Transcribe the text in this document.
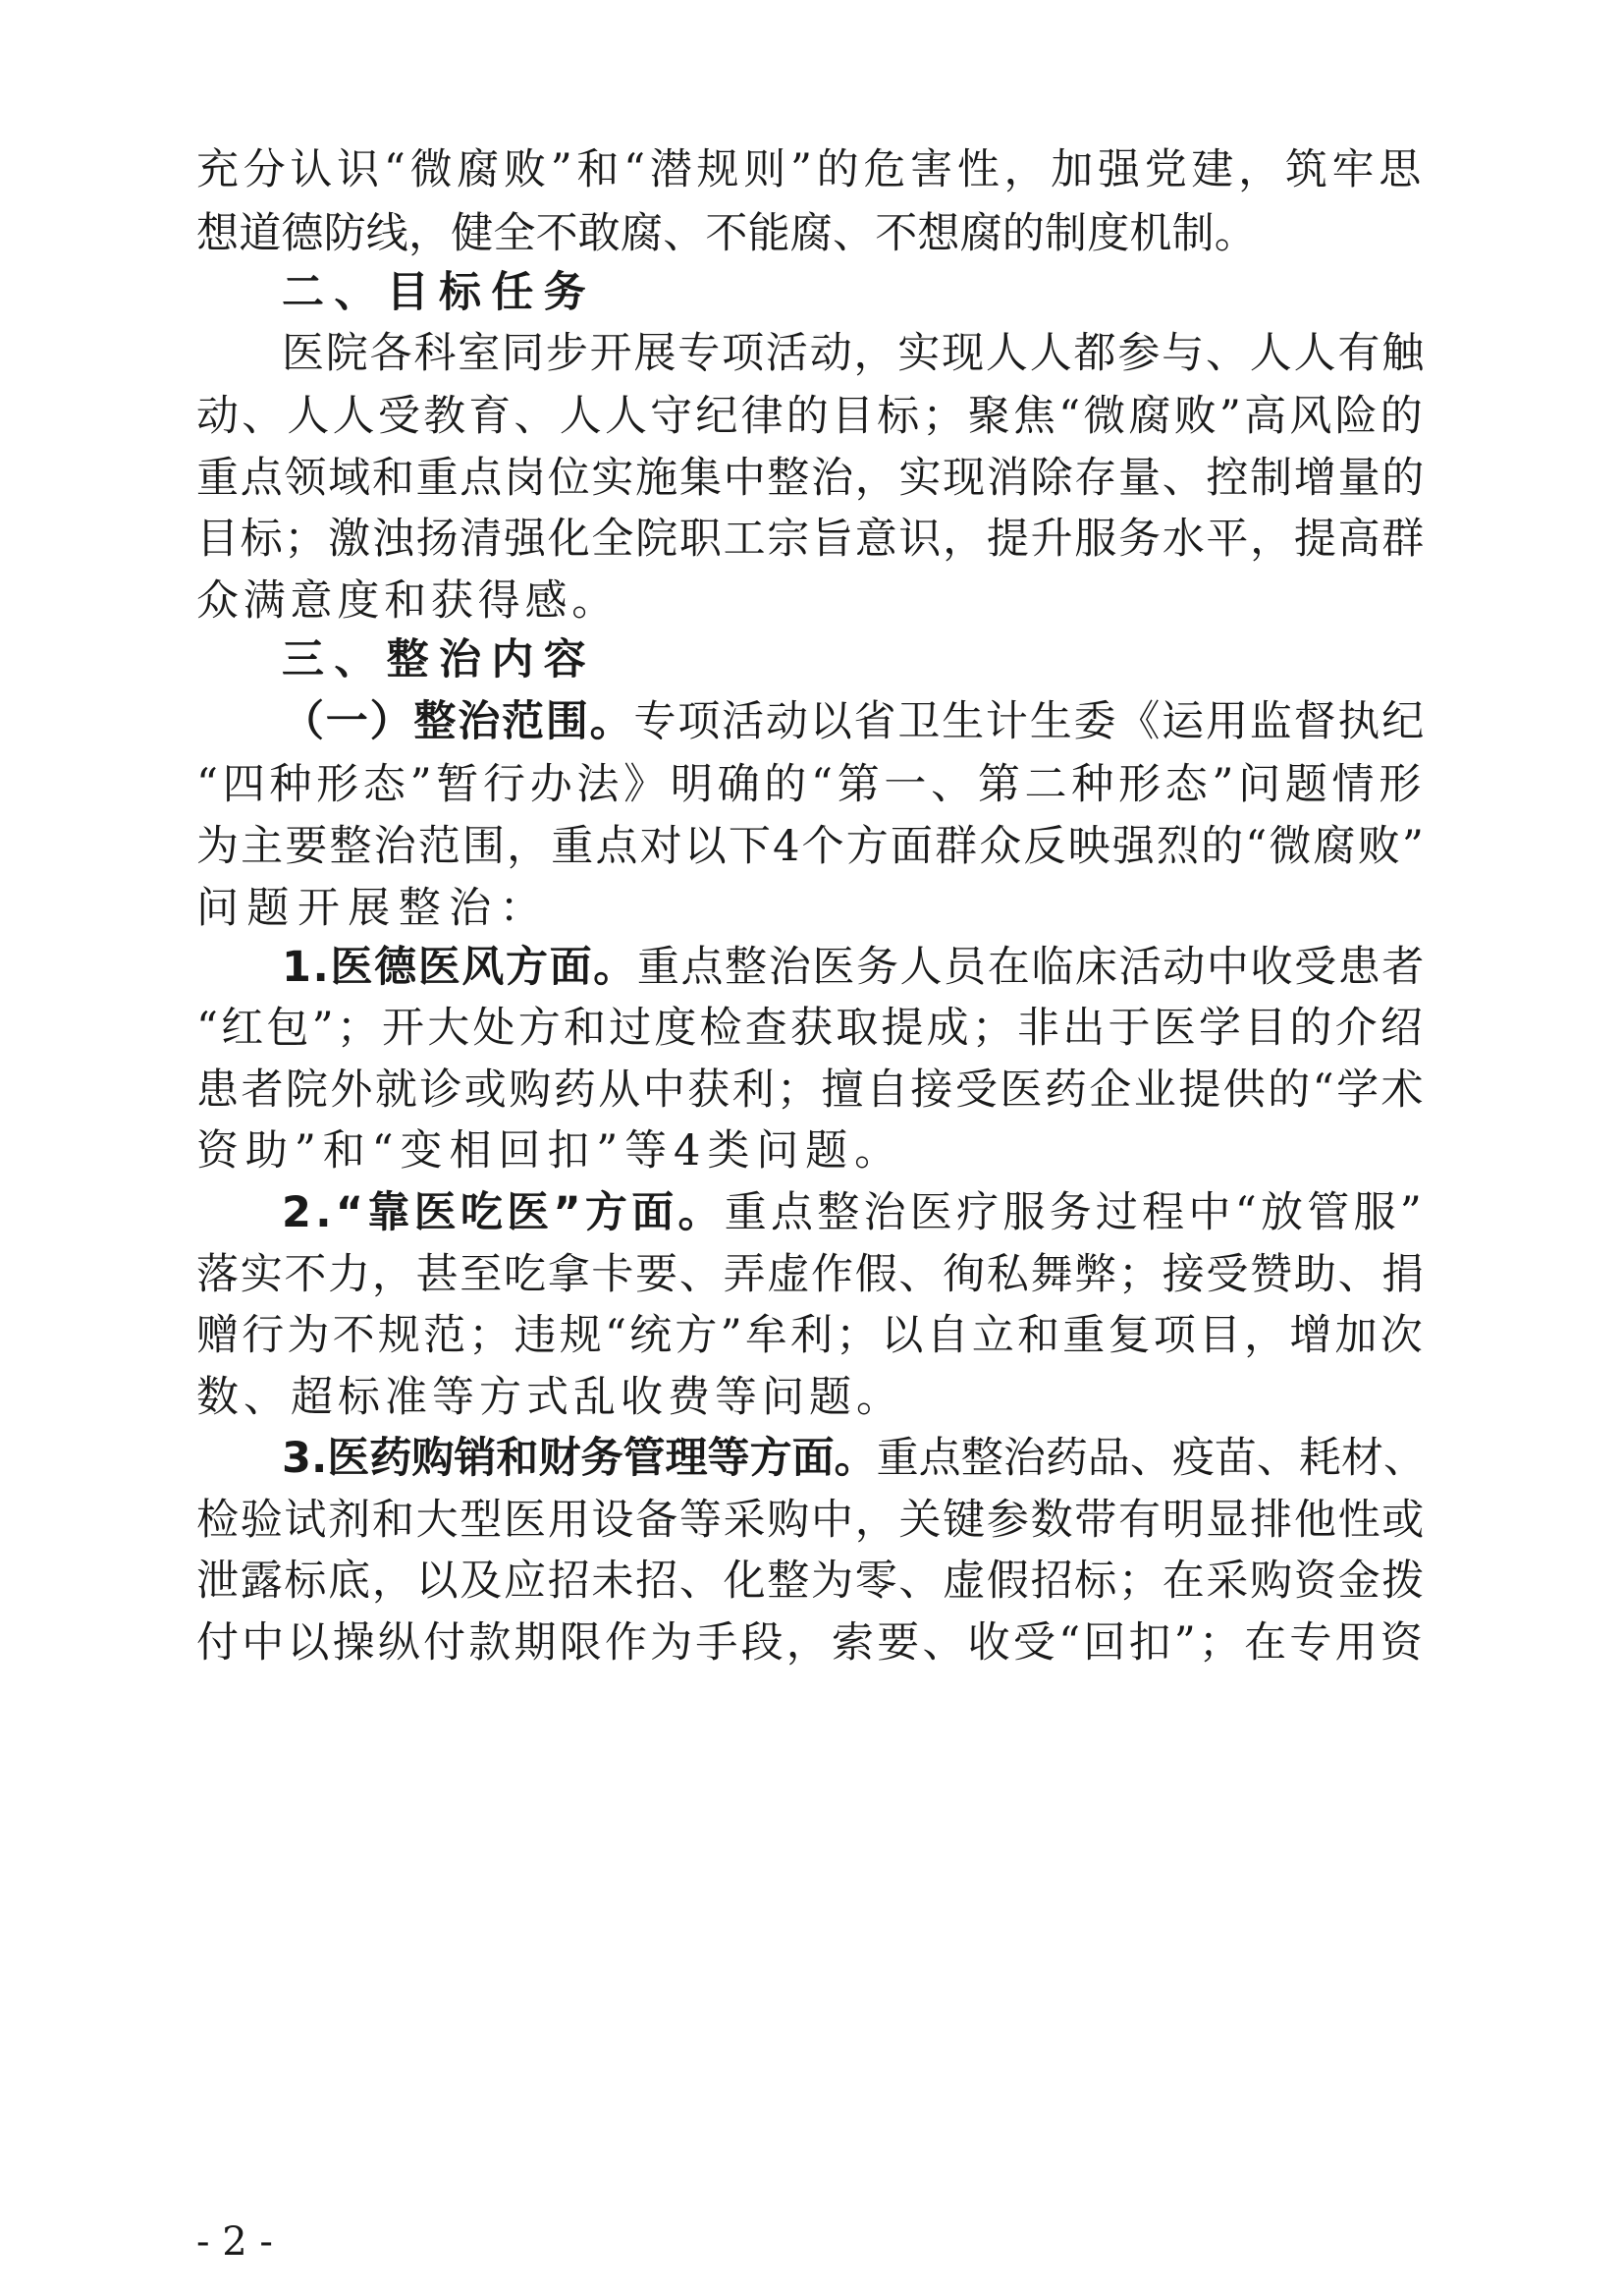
充分认识“微腐败”和“潜规则”的危害性，加强党建，筑牢思
想道德防线，健全不敢腐、不能腐、不想腐的制度机制。
二、目标任务
医院各科室同步开展专项活动，实现人人都参与、人人有触
动、人人受教育、人人守纪律的目标；聚焦“微腐败”高风险的
重点领域和重点岗位实施集中整治，实现消除存量、控制增量的
目标；激浊扬清强化全院职工宗旨意识，提升服务水平，提高群
众满意度和获得感。
三、整治内容
（一）整治范围。专项活动以省卫生计生委《运用监督执纪
“四种形态”暂行办法》明确的“第一、第二种形态”问题情形
为主要整治范围，重点对以下4个方面群众反映强烈的“微腐败”
问题开展整治：
1.医德医风方面。重点整治医务人员在临床活动中收受患者
“红包”；开大处方和过度检查获取提成；非出于医学目的介绍
患者院外就诊或购药从中获利；擅自接受医药企业提供的“学术
资助”和“变相回扣”等4类问题。
2.“靠医吃医”方面。重点整治医疗服务过程中“放管服”
落实不力，甚至吃拿卡要、弄虚作假、徇私舞弊；接受赞助、捐
赠行为不规范；违规“统方”牟利；以自立和重复项目，增加次
数、超标准等方式乱收费等问题。
3.医药购销和财务管理等方面。重点整治药品、疫苗、耗材、
检验试剂和大型医用设备等采购中，关键参数带有明显排他性或
泄露标底，以及应招未招、化整为零、虚假招标；在采购资金拨
付中以操纵付款期限作为手段，索要、收受“回扣”；在专用资
- 2 -
